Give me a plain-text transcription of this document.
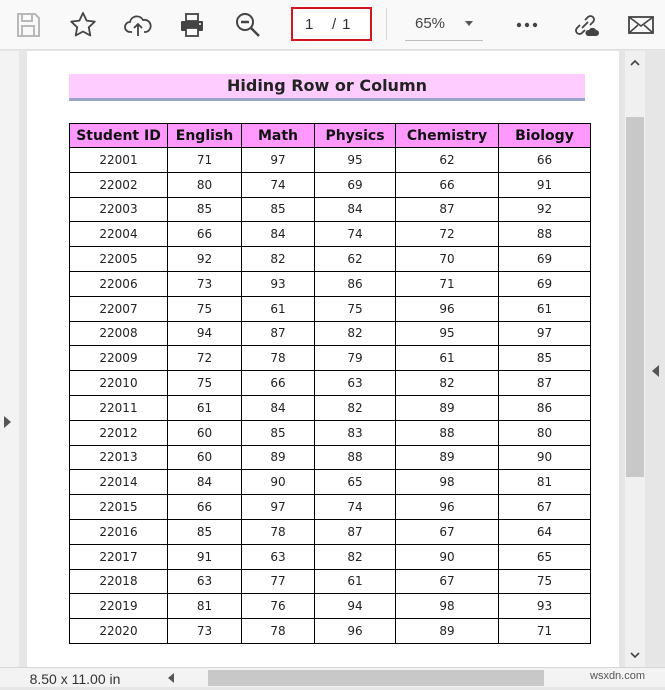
1	/ 1	65%
Hiding Row or Column
Student ID	English	Math	Physics	Chemistry	Biology
22001	71	97	95	62	66
22002	80	74	69	66	91
22003	85	85	84	87	92
22004	66	84	74	72	88
22005	92	82	62	70	69
22006	73	93	86	71	69
22007	75	61	75	96	61
22008	94	87	82	95	97
22009	72	78	79	61	85
22010	75	66	63	82	87
22011	61	84	82	89	86
22012	60	85	83	88	80
22013	60	89	88	89	90
22014	84	90	65	98	81
22015	66	97	74	96	67
22016	85	78	87	67	64
22017	91	63	82	90	65
22018	63	77	61	67	75
22019	81	76	94	98	93
22020	73	78	96	89	71
8.50 x 11.00 in	wsxdn.com
